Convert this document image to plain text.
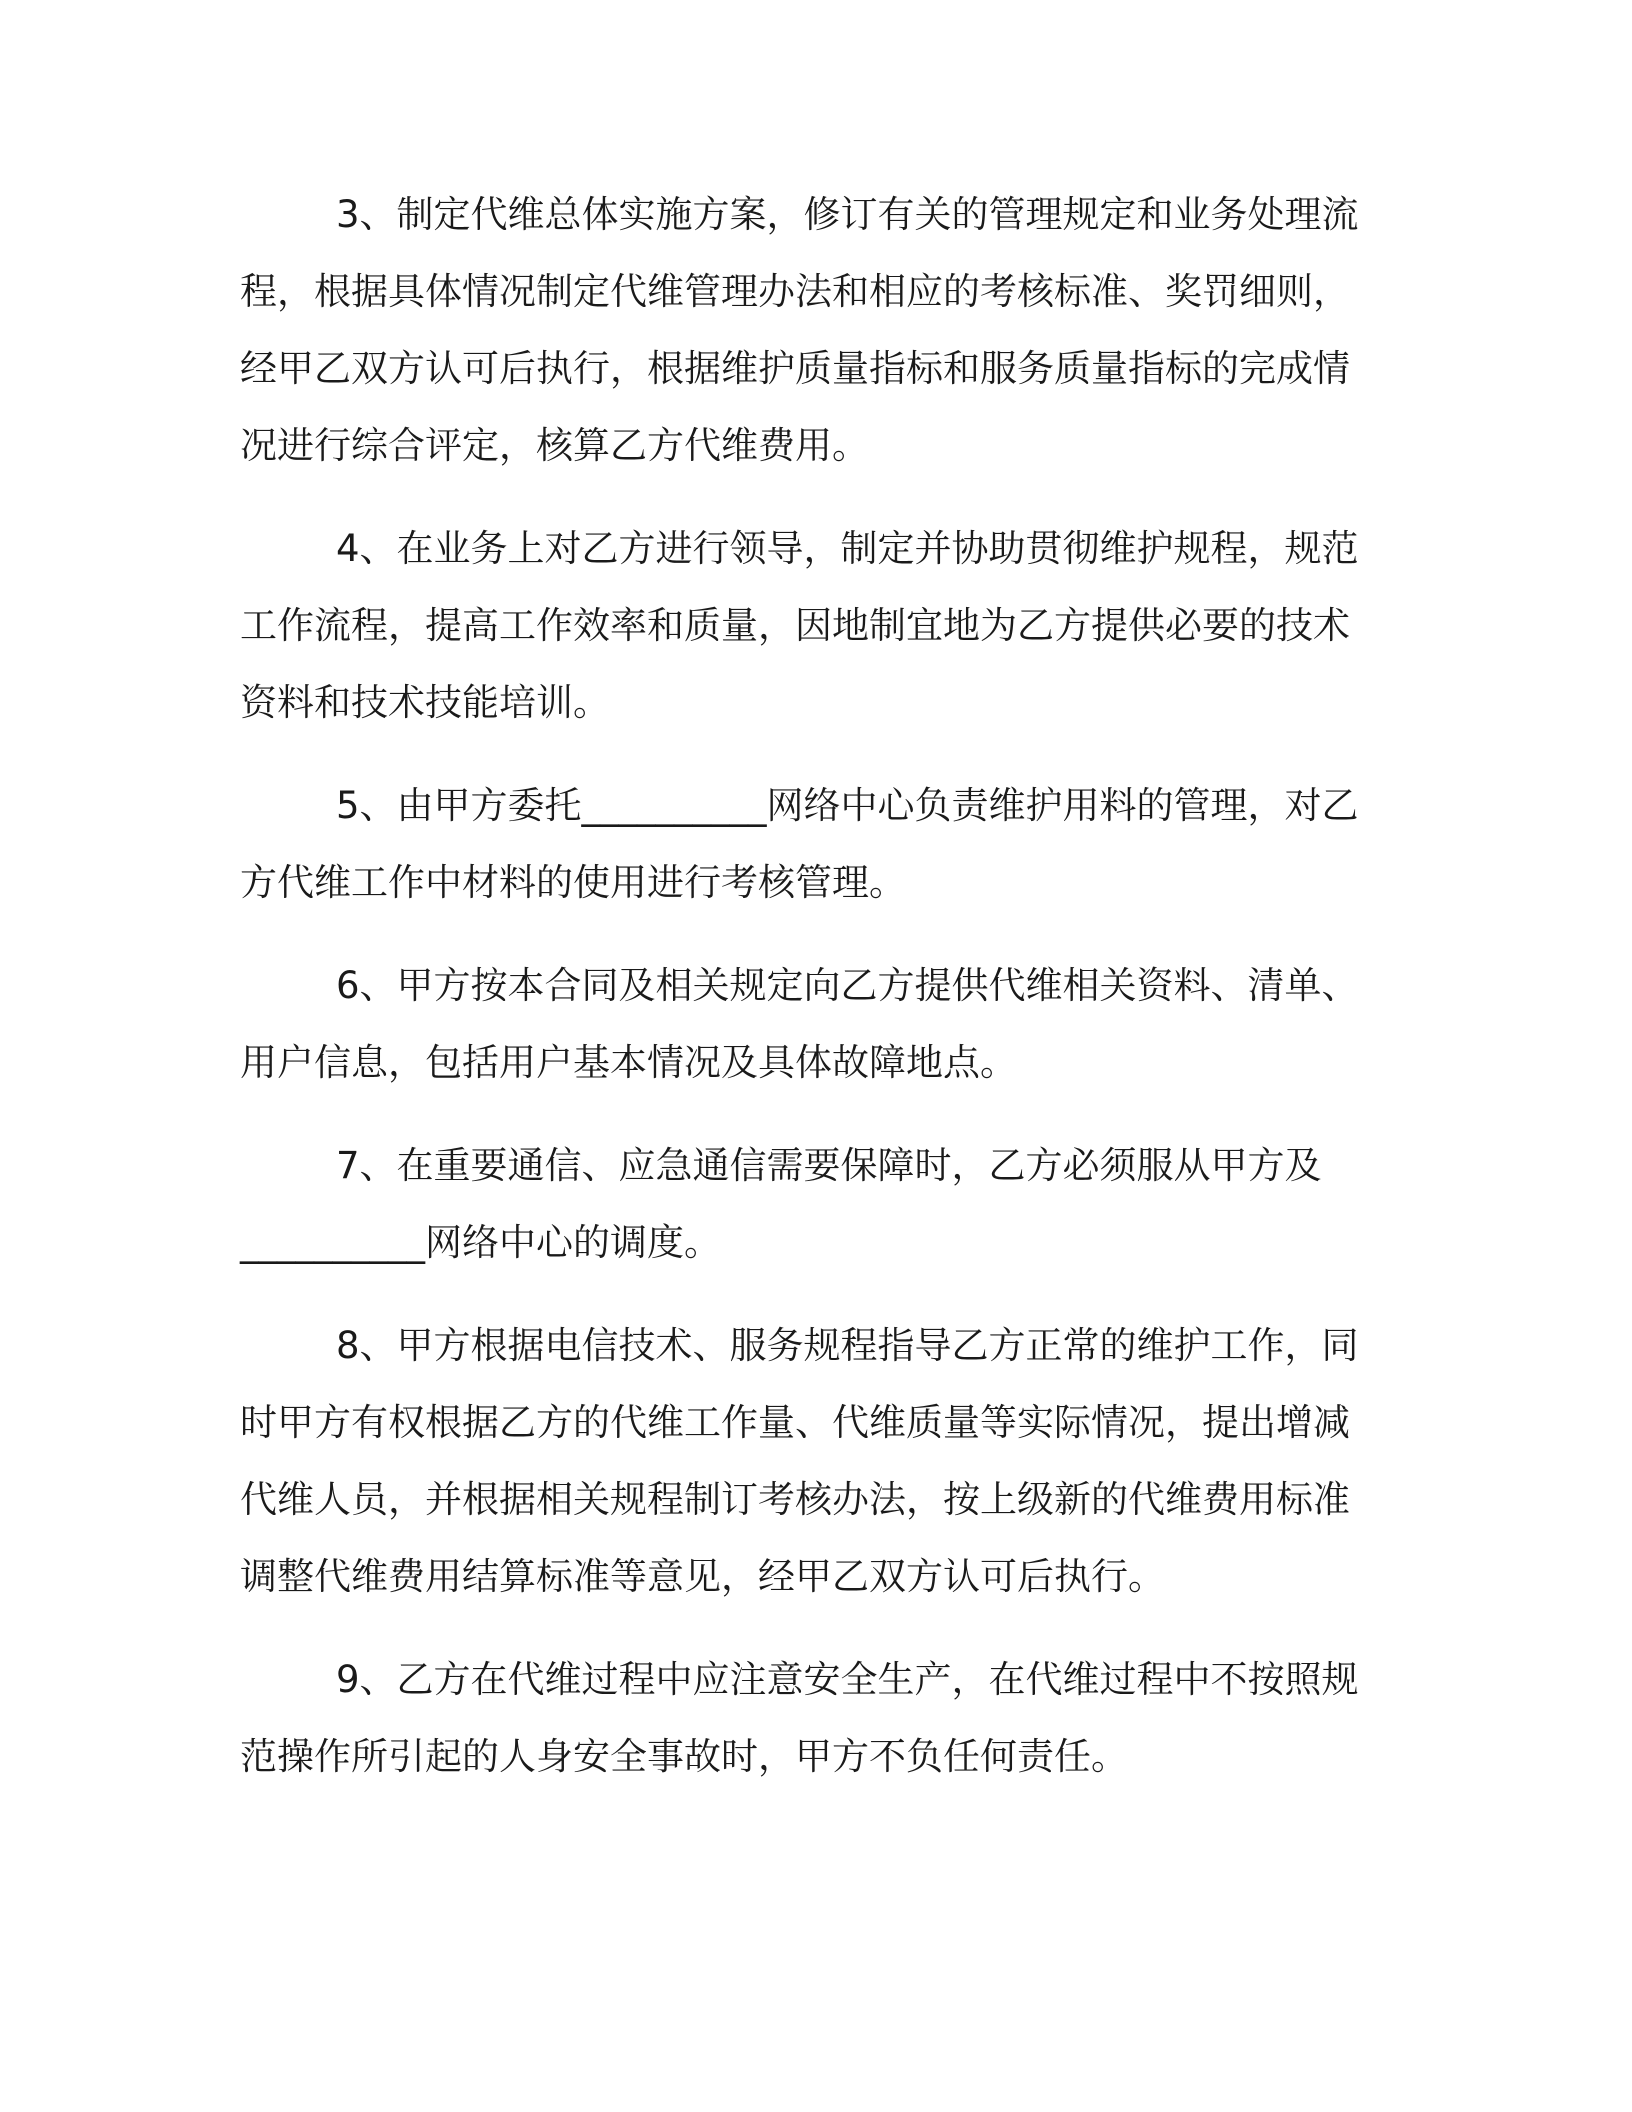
3、制定代维总体实施方案，修订有关的管理规定和业务处理流
程，根据具体情况制定代维管理办法和相应的考核标准、奖罚细则，
经甲乙双方认可后执行，根据维护质量指标和服务质量指标的完成情
况进行综合评定，核算乙方代维费用。
4、在业务上对乙方进行领导，制定并协助贯彻维护规程，规范
工作流程，提高工作效率和质量，因地制宜地为乙方提供必要的技术
资料和技术技能培训。
5、由甲方委托__________网络中心负责维护用料的管理，对乙
方代维工作中材料的使用进行考核管理。
6、甲方按本合同及相关规定向乙方提供代维相关资料、清单、
用户信息，包括用户基本情况及具体故障地点。
7、在重要通信、应急通信需要保障时，乙方必须服从甲方及
__________网络中心的调度。
8、甲方根据电信技术、服务规程指导乙方正常的维护工作，同
时甲方有权根据乙方的代维工作量、代维质量等实际情况，提出增减
代维人员，并根据相关规程制订考核办法，按上级新的代维费用标准
调整代维费用结算标准等意见，经甲乙双方认可后执行。
9、乙方在代维过程中应注意安全生产，在代维过程中不按照规
范操作所引起的人身安全事故时，甲方不负任何责任。
